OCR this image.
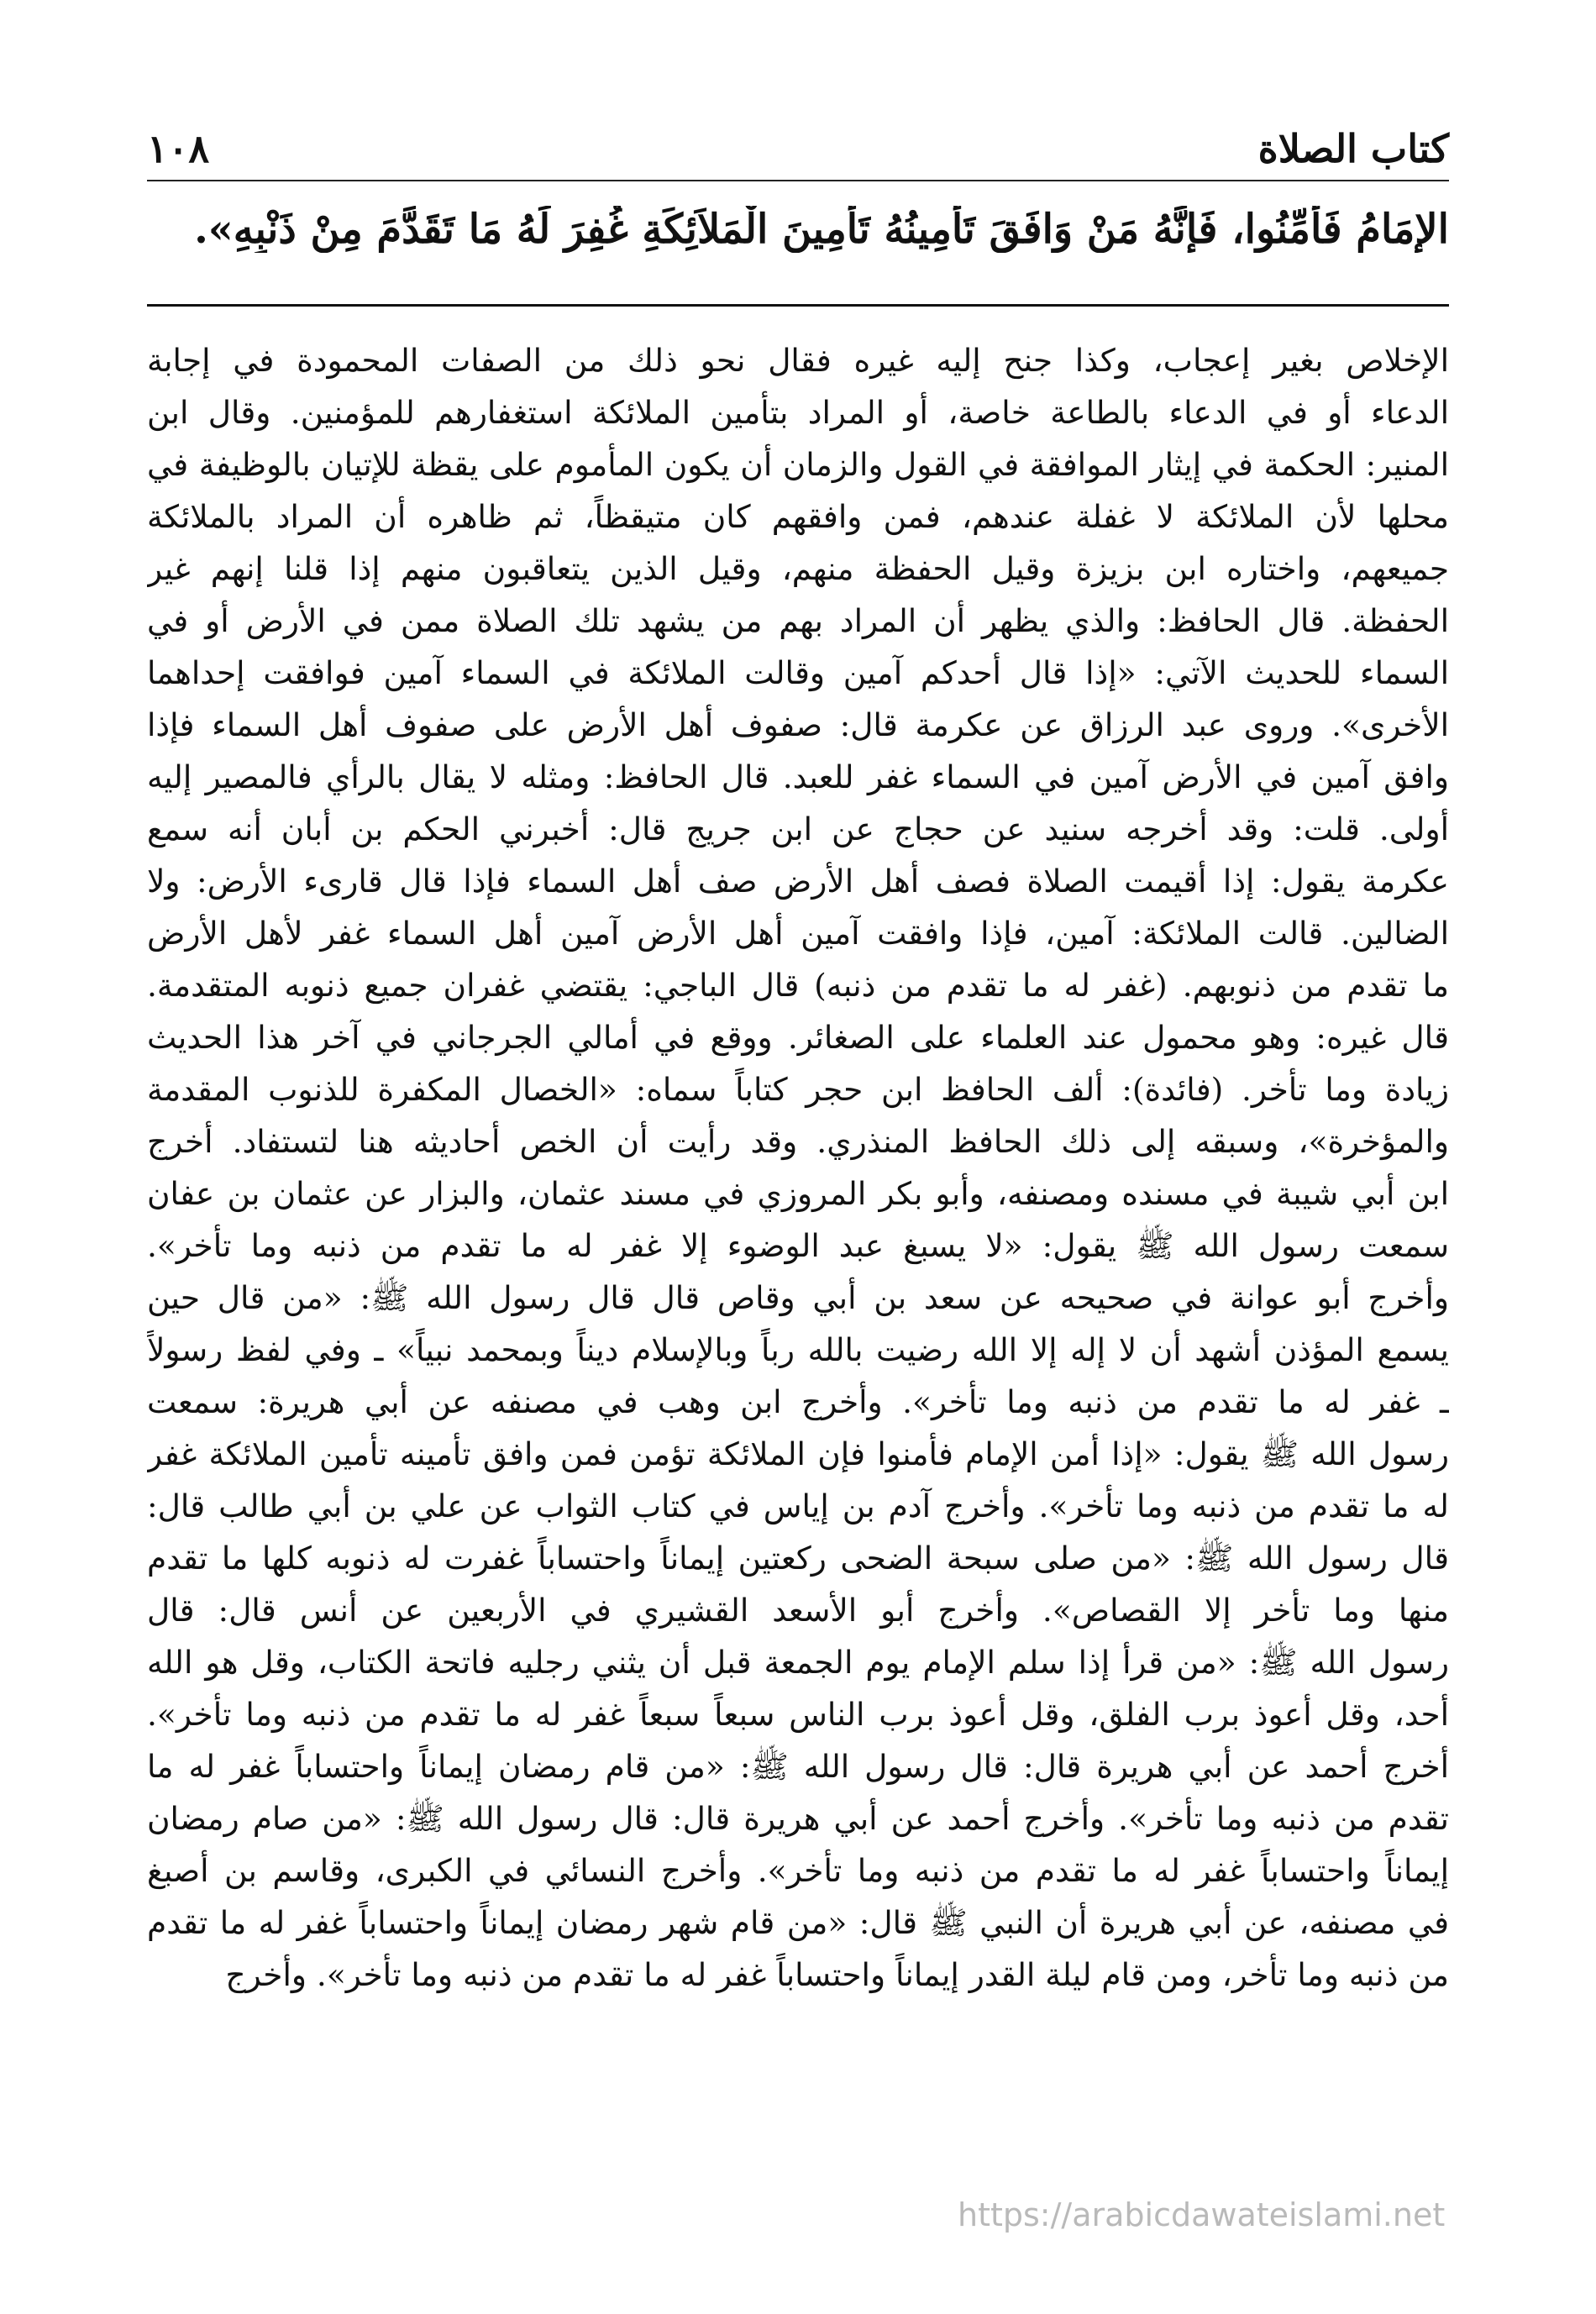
١٠٨	كتاب الصلاة
الإِمَامُ فَأَمِّنُوا، فَإِنَّهُ مَنْ وَافَقَ تَأْمِينُهُ تَأْمِينَ الْمَلاَئِكَةِ غُفِرَ لَهُ مَا تَقَدَّمَ مِنْ ذَنْبِهِ».
الإخلاص بغير إعجاب، وكذا جنح إليه غيره فقال نحو ذلك من الصفات المحمودة في إجابة
الدعاء أو في الدعاء بالطاعة خاصة، أو المراد بتأمين الملائكة استغفارهم للمؤمنين. وقال ابن
المنير: الحكمة في إيثار الموافقة في القول والزمان أن يكون المأموم على يقظة للإتيان بالوظيفة في
محلها لأن الملائكة لا غفلة عندهم، فمن وافقهم كان متيقظاً، ثم ظاهره أن المراد بالملائكة
جميعهم، واختاره ابن بزيزة وقيل الحفظة منهم، وقيل الذين يتعاقبون منهم إذا قلنا إنهم غير
الحفظة. قال الحافظ: والذي يظهر أن المراد بهم من يشهد تلك الصلاة ممن في الأرض أو في
السماء للحديث الآتي: «إذا قال أحدكم آمين وقالت الملائكة في السماء آمين فوافقت إحداهما
الأخرى». وروى عبد الرزاق عن عكرمة قال: صفوف أهل الأرض على صفوف أهل السماء فإذا
وافق آمين في الأرض آمين في السماء غفر للعبد. قال الحافظ: ومثله لا يقال بالرأي فالمصير إليه
أولى. قلت: وقد أخرجه سنيد عن حجاج عن ابن جريج قال: أخبرني الحكم بن أبان أنه سمع
عكرمة يقول: إذا أقيمت الصلاة فصف أهل الأرض صف أهل السماء فإذا قال قارىء الأرض: ولا
الضالين. قالت الملائكة: آمين، فإذا وافقت آمين أهل الأرض آمين أهل السماء غفر لأهل الأرض
ما تقدم من ذنوبهم. (غفر له ما تقدم من ذنبه) قال الباجي: يقتضي غفران جميع ذنوبه المتقدمة.
قال غيره: وهو محمول عند العلماء على الصغائر. ووقع في أمالي الجرجاني في آخر هذا الحديث
زيادة وما تأخر. (فائدة): ألف الحافظ ابن حجر كتاباً سماه: «الخصال المكفرة للذنوب المقدمة
والمؤخرة»، وسبقه إلى ذلك الحافظ المنذري. وقد رأيت أن الخص أحاديثه هنا لتستفاد. أخرج
ابن أبي شيبة في مسنده ومصنفه، وأبو بكر المروزي في مسند عثمان، والبزار عن عثمان بن عفان
سمعت رسول الله ﷺ يقول: «لا يسبغ عبد الوضوء إلا غفر له ما تقدم من ذنبه وما تأخر».
وأخرج أبو عوانة في صحيحه عن سعد بن أبي وقاص قال قال رسول الله ﷺ: «من قال حين
يسمع المؤذن أشهد أن لا إله إلا الله رضيت بالله رباً وبالإسلام ديناً وبمحمد نبياً» ـ وفي لفظ رسولاً
ـ غفر له ما تقدم من ذنبه وما تأخر». وأخرج ابن وهب في مصنفه عن أبي هريرة: سمعت
رسول الله ﷺ يقول: «إذا أمن الإمام فأمنوا فإن الملائكة تؤمن فمن وافق تأمينه تأمين الملائكة غفر
له ما تقدم من ذنبه وما تأخر». وأخرج آدم بن إياس في كتاب الثواب عن علي بن أبي طالب قال:
قال رسول الله ﷺ: «من صلى سبحة الضحى ركعتين إيماناً واحتساباً غفرت له ذنوبه كلها ما تقدم
منها وما تأخر إلا القصاص». وأخرج أبو الأسعد القشيري في الأربعين عن أنس قال: قال
رسول الله ﷺ: «من قرأ إذا سلم الإمام يوم الجمعة قبل أن يثني رجليه فاتحة الكتاب، وقل هو الله
أحد، وقل أعوذ برب الفلق، وقل أعوذ برب الناس سبعاً سبعاً غفر له ما تقدم من ذنبه وما تأخر».
أخرج أحمد عن أبي هريرة قال: قال رسول الله ﷺ: «من قام رمضان إيماناً واحتساباً غفر له ما
تقدم من ذنبه وما تأخر». وأخرج أحمد عن أبي هريرة قال: قال رسول الله ﷺ: «من صام رمضان
إيماناً واحتساباً غفر له ما تقدم من ذنبه وما تأخر». وأخرج النسائي في الكبرى، وقاسم بن أصبغ
في مصنفه، عن أبي هريرة أن النبي ﷺ قال: «من قام شهر رمضان إيماناً واحتساباً غفر له ما تقدم
من ذنبه وما تأخر، ومن قام ليلة القدر إيماناً واحتساباً غفر له ما تقدم من ذنبه وما تأخر». وأخرج
https://arabicdawateislami.net
